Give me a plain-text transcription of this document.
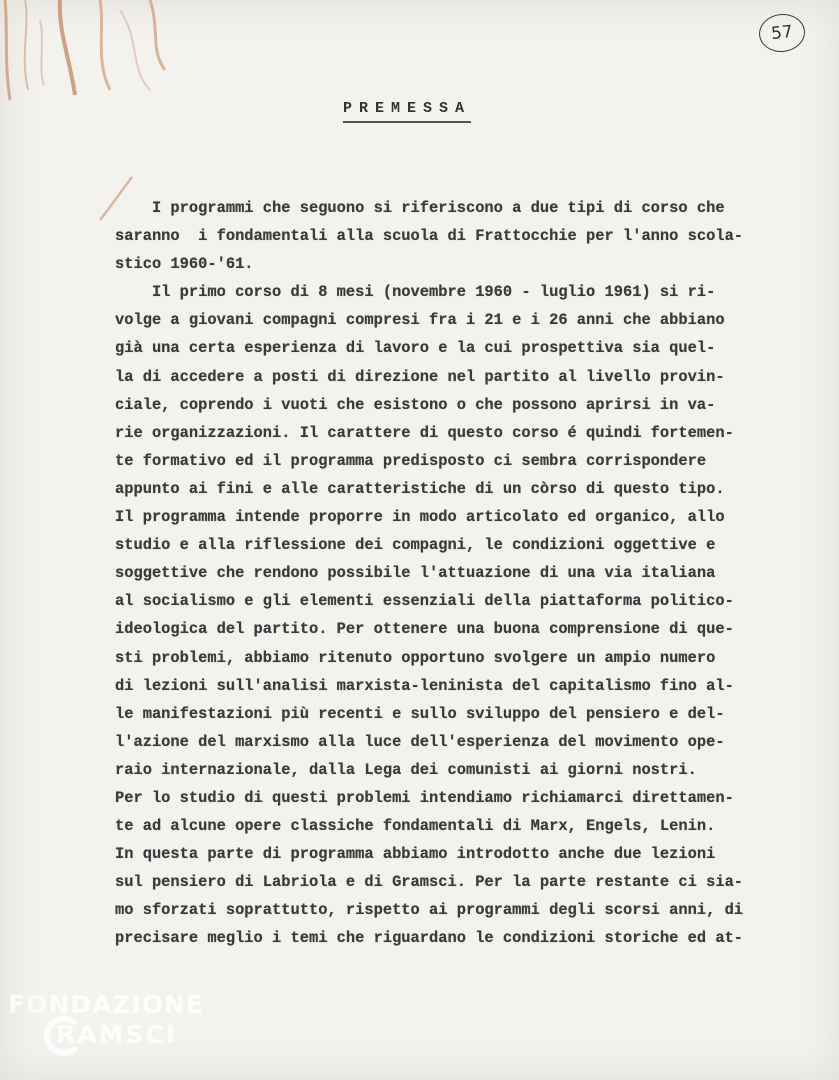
57
PREMESSA
I programmi che seguono si riferiscono a due tipi di corso che
saranno  i fondamentali alla scuola di Frattocchie per l'anno scola-
stico 1960-'61.
Il primo corso di 8 mesi (novembre 1960 - luglio 1961) si ri-
volge a giovani compagni compresi fra i 21 e i 26 anni che abbiano
già una certa esperienza di lavoro e la cui prospettiva sia quel-
la di accedere a posti di direzione nel partito al livello provin-
ciale, coprendo i vuoti che esistono o che possono aprirsi in va-
rie organizzazioni. Il carattere di questo corso é quindi fortemen-
te formativo ed il programma predisposto ci sembra corrispondere
appunto ai fini e alle caratteristiche di un còrso di questo tipo.
Il programma intende proporre in modo articolato ed organico, allo
studio e alla riflessione dei compagni, le condizioni oggettive e
soggettive che rendono possibile l'attuazione di una via italiana
al socialismo e gli elementi essenziali della piattaforma politico-
ideologica del partito. Per ottenere una buona comprensione di que-
sti problemi, abbiamo ritenuto opportuno svolgere un ampio numero
di lezioni sull'analisi marxista-leninista del capitalismo fino al-
le manifestazioni più recenti e sullo sviluppo del pensiero e del-
l'azione del marxismo alla luce dell'esperienza del movimento ope-
raio internazionale, dalla Lega dei comunisti ai giorni nostri.
Per lo studio di questi problemi intendiamo richiamarci direttamen-
te ad alcune opere classiche fondamentali di Marx, Engels, Lenin.
In questa parte di programma abbiamo introdotto anche due lezioni
sul pensiero di Labriola e di Gramsci. Per la parte restante ci sia-
mo sforzati soprattutto, rispetto ai programmi degli scorsi anni, di
precisare meglio i temi che riguardano le condizioni storiche ed at-
FONDAZIONE
RAMSCI
